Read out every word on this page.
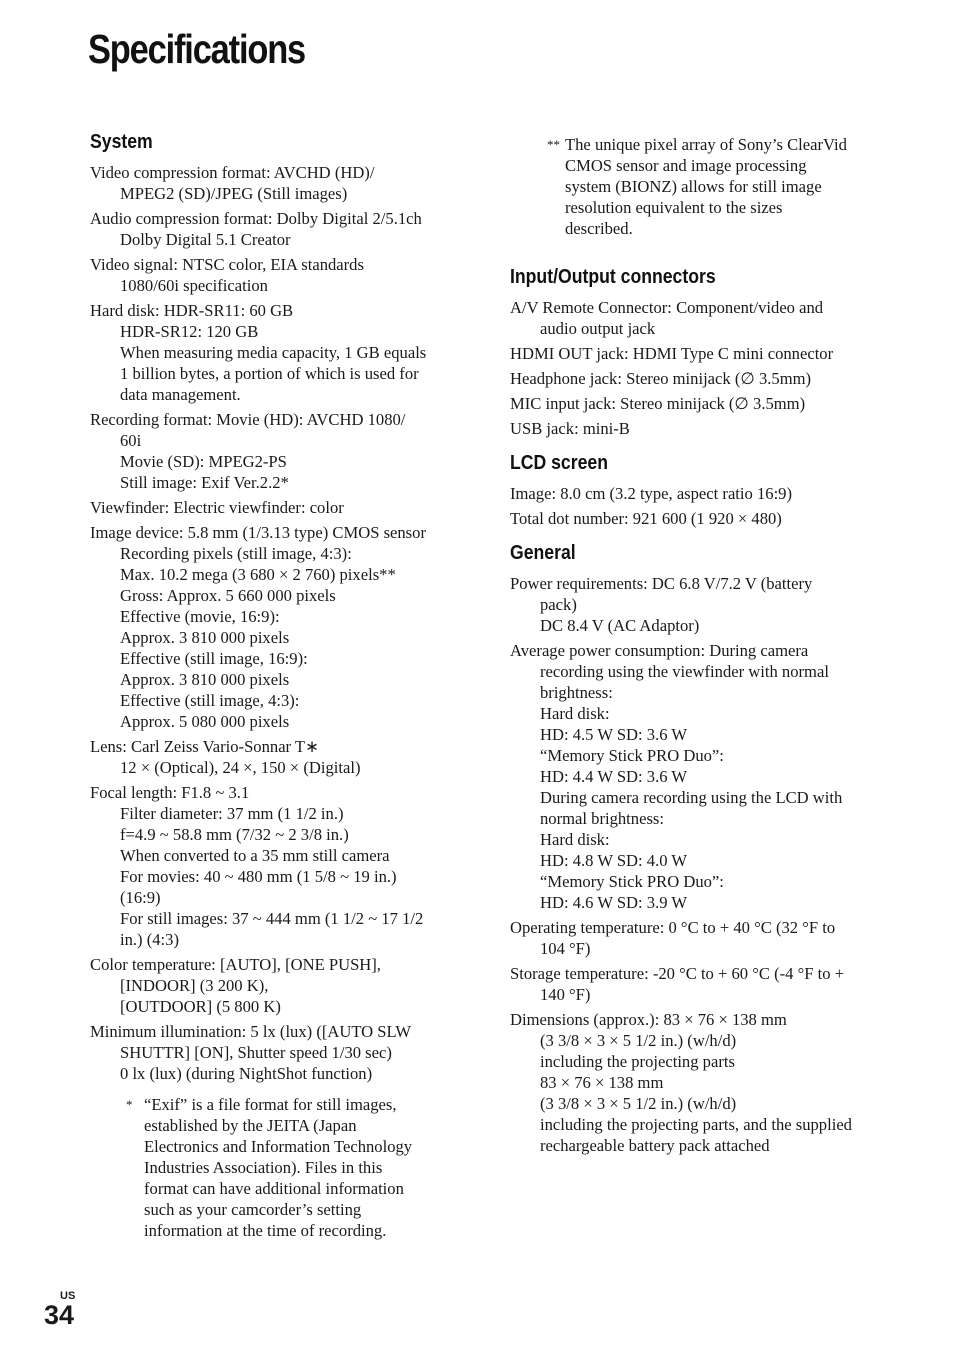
Specifications
System
Video compression format: AVCHD (HD)/
MPEG2 (SD)/JPEG (Still images)
Audio compression format: Dolby Digital 2/5.1ch
Dolby Digital 5.1 Creator
Video signal: NTSC color, EIA standards
1080/60i specification
Hard disk: HDR-SR11: 60 GB
HDR-SR12: 120 GB
When measuring media capacity, 1 GB equals
1 billion bytes, a portion of which is used for
data management.
Recording format: Movie (HD): AVCHD 1080/
60i
Movie (SD): MPEG2-PS
Still image: Exif Ver.2.2*
Viewfinder: Electric viewfinder: color
Image device: 5.8 mm (1/3.13 type) CMOS sensor
Recording pixels (still image, 4:3):
Max. 10.2 mega (3 680 × 2 760) pixels**
Gross: Approx. 5 660 000 pixels
Effective (movie, 16:9):
Approx. 3 810 000 pixels
Effective (still image, 16:9):
Approx. 3 810 000 pixels
Effective (still image, 4:3):
Approx. 5 080 000 pixels
Lens: Carl Zeiss Vario-Sonnar T∗
12 × (Optical), 24 ×, 150 × (Digital)
Focal length: F1.8 ~ 3.1
Filter diameter: 37 mm (1 1/2 in.)
f=4.9 ~ 58.8 mm (7/32 ~ 2 3/8 in.)
When converted to a 35 mm still camera
For movies: 40 ~ 480 mm (1 5/8 ~ 19 in.)
(16:9)
For still images: 37 ~ 444 mm (1 1/2 ~ 17 1/2
in.) (4:3)
Color temperature: [AUTO], [ONE PUSH],
[INDOOR] (3 200 K),
[OUTDOOR] (5 800 K)
Minimum illumination: 5 lx (lux) ([AUTO SLW
SHUTTR] [ON], Shutter speed 1/30 sec)
0 lx (lux) (during NightShot function)
* “Exif” is a file format for still images,
established by the JEITA (Japan
Electronics and Information Technology
Industries Association). Files in this
format can have additional information
such as your camcorder’s setting
information at the time of recording.
** The unique pixel array of Sony’s ClearVid
CMOS sensor and image processing
system (BIONZ) allows for still image
resolution equivalent to the sizes
described.
Input/Output connectors
A/V Remote Connector: Component/video and
audio output jack
HDMI OUT jack: HDMI Type C mini connector
Headphone jack: Stereo minijack (∅ 3.5mm)
MIC input jack: Stereo minijack (∅ 3.5mm)
USB jack: mini-B
LCD screen
Image: 8.0 cm (3.2 type, aspect ratio 16:9)
Total dot number: 921 600 (1 920 × 480)
General
Power requirements: DC 6.8 V/7.2 V (battery
pack)
DC 8.4 V (AC Adaptor)
Average power consumption: During camera
recording using the viewfinder with normal
brightness:
Hard disk:
HD: 4.5 W SD: 3.6 W
“Memory Stick PRO Duo”:
HD: 4.4 W SD: 3.6 W
During camera recording using the LCD with
normal brightness:
Hard disk:
HD: 4.8 W SD: 4.0 W
“Memory Stick PRO Duo”:
HD: 4.6 W SD: 3.9 W
Operating temperature: 0 °C to + 40 °C (32 °F to
104 °F)
Storage temperature: -20 °C to + 60 °C (-4 °F to +
140 °F)
Dimensions (approx.): 83 × 76 × 138 mm
(3 3/8 × 3 × 5 1/2 in.) (w/h/d)
including the projecting parts
83 × 76 × 138 mm
(3 3/8 × 3 × 5 1/2 in.) (w/h/d)
including the projecting parts, and the supplied
rechargeable battery pack attached
US
34
